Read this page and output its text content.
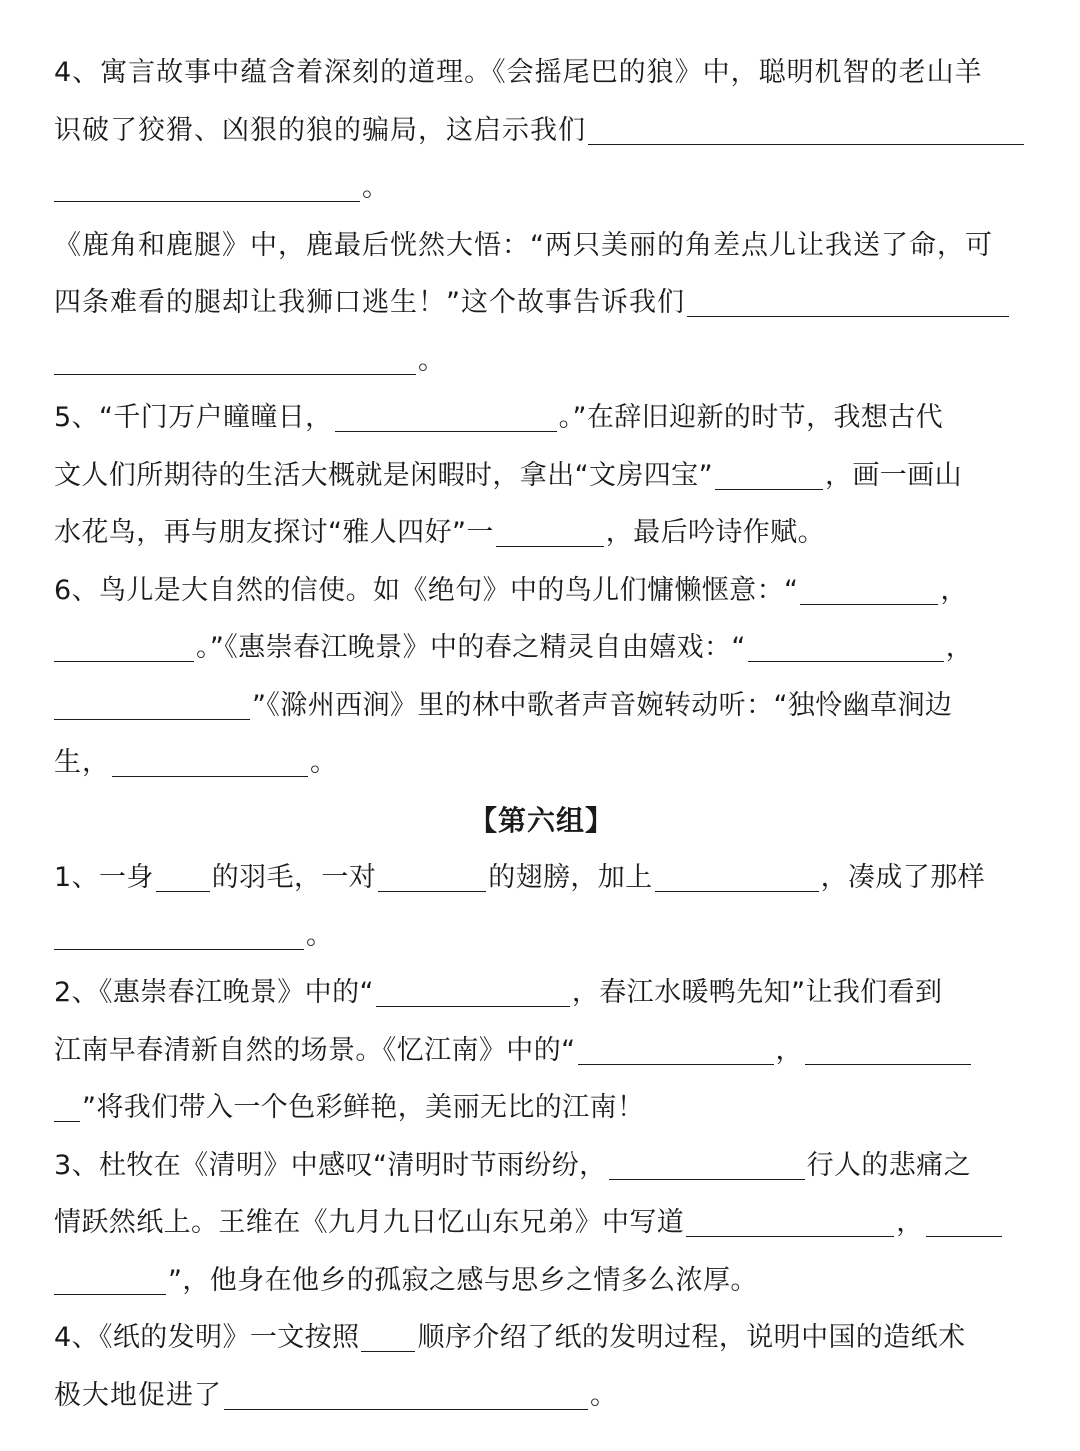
4、寓言故事中蕴含着深刻的道理。《会摇尾巴的狼》中，聪明机智的老山羊
识破了狡猾、凶狠的狼的骗局，这启示我们
。
《鹿角和鹿腿》中，鹿最后恍然大悟：“两只美丽的角差点儿让我送了命，可
四条难看的腿却让我狮口逃生！”这个故事告诉我们
。
5、“千门万户曈曈日，	。”在辞旧迎新的时节，我想古代
文人们所期待的生活大概就是闲暇时，拿出“文房四宝”	，画一画山
水花鸟，再与朋友探讨“雅人四好”一	，最后吟诗作赋。
6、鸟儿是大自然的信使。如《绝句》中的鸟儿们慵懒惬意：“	，
。”《惠崇春江晚景》中的春之精灵自由嬉戏：“	，
”《滁州西涧》里的林中歌者声音婉转动听：“独怜幽草涧边
生，	。
【第六组】
1、一身 的羽毛，一对	的翅膀，加上	，凑成了那样
。
2、《惠崇春江晚景》中的“	，春江水暖鸭先知”让我们看到
江南早春清新自然的场景。《忆江南》中的“	，
”将我们带入一个色彩鲜艳，美丽无比的江南！
3、杜牧在《清明》中感叹“清明时节雨纷纷，	行人的悲痛之
情跃然纸上。王维在《九月九日忆山东兄弟》中写道	，
”，他身在他乡的孤寂之感与思乡之情多么浓厚。
4、《纸的发明》一文按照 顺序介绍了纸的发明过程，说明中国的造纸术
极大地促进了	。
